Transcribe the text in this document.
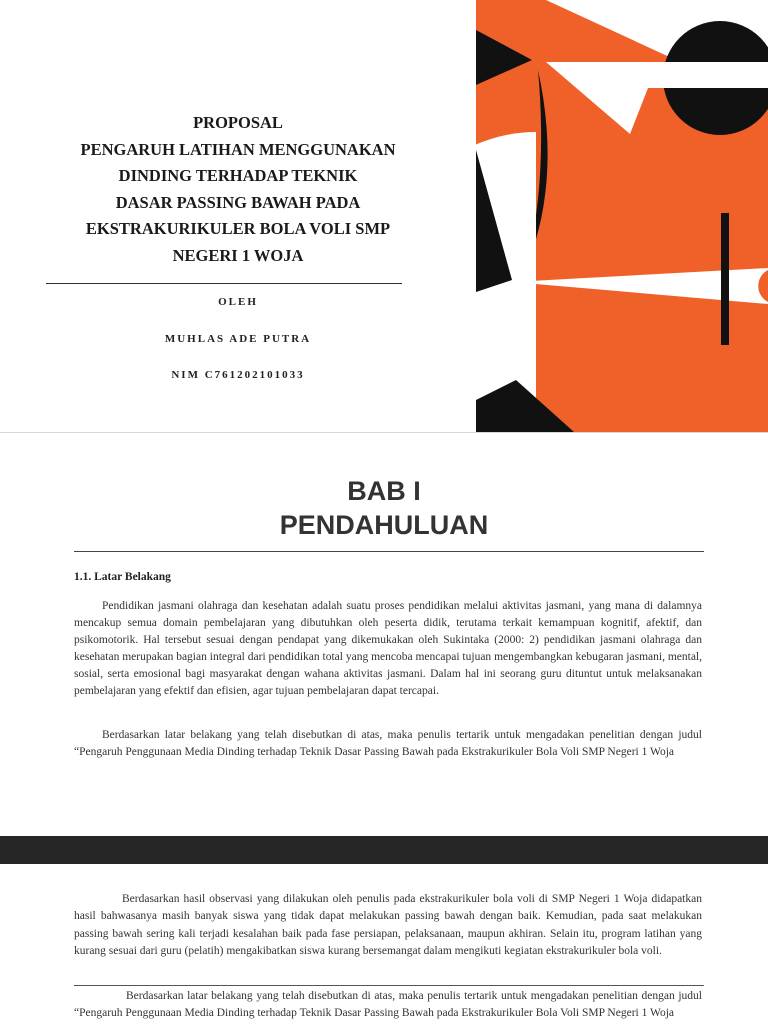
PROPOSAL
PENGARUH LATIHAN MENGGUNAKAN
DINDING TERHADAP TEKNIK
DASAR PASSING BAWAH PADA
EKSTRAKURIKULER BOLA VOLI SMP
NEGERI 1 WOJA
OLEH
MUHLAS ADE PUTRA
NIM C761202101033
BAB I
PENDAHULUAN
1.1. Latar Belakang
Pendidikan jasmani olahraga dan kesehatan adalah suatu proses pendidikan melalui aktivitas jasmani, yang mana di dalamnya mencakup semua domain pembelajaran yang dibutuhkan oleh peserta didik, terutama terkait kemampuan kognitif, afektif, dan psikomotorik. Hal tersebut sesuai dengan pendapat yang dikemukakan oleh Sukintaka (2000: 2) pendidikan jasmani olahraga dan kesehatan merupakan bagian integral dari pendidikan total yang mencoba mencapai tujuan mengembangkan kebugaran jasmani, mental, sosial, serta emosional bagi masyarakat dengan wahana aktivitas jasmani. Dalam hal ini seorang guru dituntut untuk melaksanakan pembelajaran yang efektif dan efisien, agar tujuan pembelajaran dapat tercapai.
Berdasarkan latar belakang yang telah disebutkan di atas, maka penulis tertarik untuk mengadakan penelitian dengan judul “Pengaruh Penggunaan Media Dinding terhadap Teknik Dasar Passing Bawah pada Ekstrakurikuler Bola Voli SMP Negeri 1 Woja
Berdasarkan hasil observasi yang dilakukan oleh penulis pada ekstrakurikuler bola voli di SMP Negeri 1 Woja didapatkan hasil bahwasanya masih banyak siswa yang tidak dapat melakukan passing bawah dengan baik. Kemudian, pada saat melakukan passing bawah sering kali terjadi kesalahan baik pada fase persiapan, pelaksanaan, maupun akhiran. Selain itu, program latihan yang kurang sesuai dari guru (pelatih) mengakibatkan siswa kurang bersemangat dalam mengikuti kegiatan ekstrakurikuler bola voli.
Berdasarkan latar belakang yang telah disebutkan di atas, maka penulis tertarik untuk mengadakan penelitian dengan judul “Pengaruh Penggunaan Media Dinding terhadap Teknik Dasar Passing Bawah pada Ekstrakurikuler Bola Voli SMP Negeri 1 Woja
